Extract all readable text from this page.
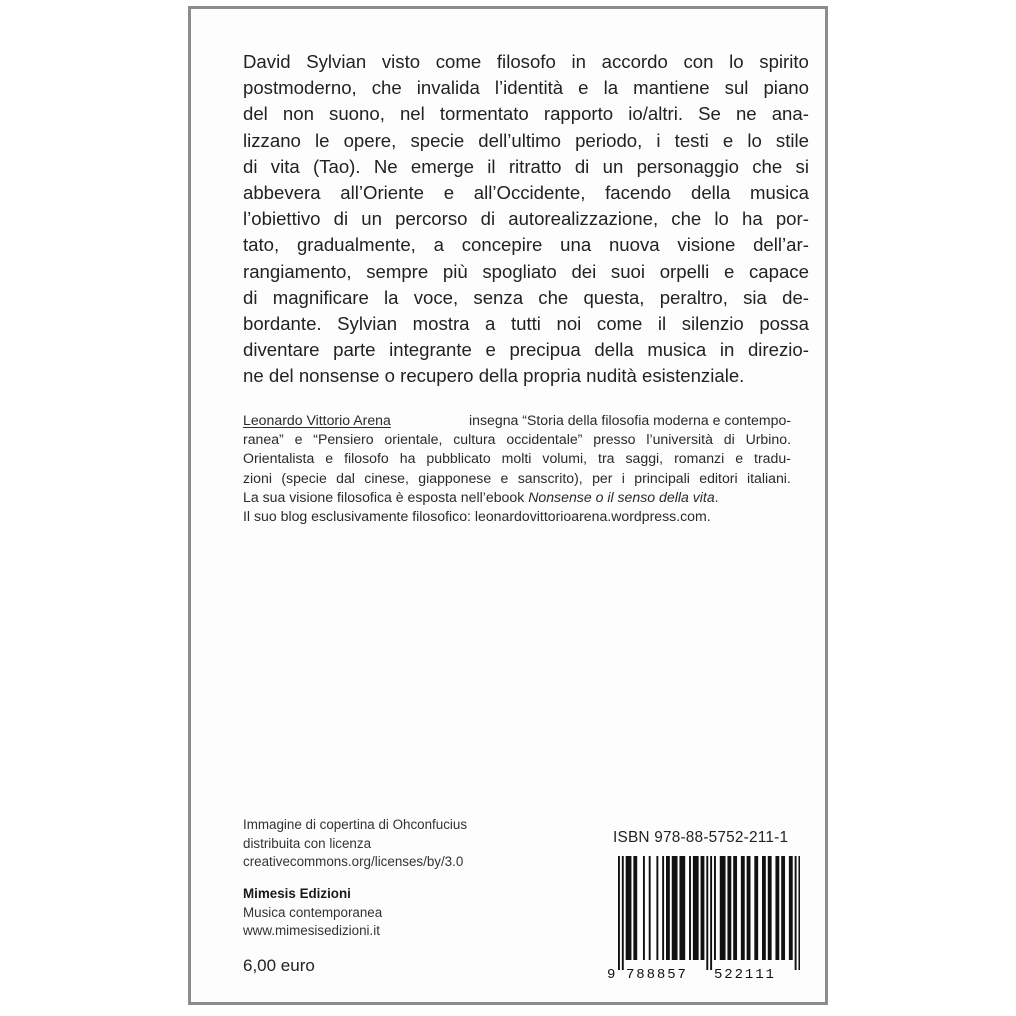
David Sylvian visto come filosofo in accordo con lo spirito
postmoderno, che invalida l’identità e la mantiene sul piano
del non suono, nel tormentato rapporto io/altri. Se ne ana-
lizzano le opere, specie dell’ultimo periodo, i testi e lo stile
di vita (Tao). Ne emerge il ritratto di un personaggio che si
abbevera all’Oriente e all’Occidente, facendo della musica
l’obiettivo di un percorso di autorealizzazione, che lo ha por-
tato, gradualmente, a concepire una nuova visione dell’ar-
rangiamento, sempre più spogliato dei suoi orpelli e capace
di magnificare la voce, senza che questa, peraltro, sia de-
bordante. Sylvian mostra a tutti noi come il silenzio possa
diventare parte integrante e precipua della musica in direzio-
ne del nonsense o recupero della propria nudità esistenziale.
Leonardo Vittorio Arena	insegna “Storia della filosofia moderna e contempo-
ranea” e “Pensiero orientale, cultura occidentale” presso l’università di Urbino.
Orientalista e filosofo ha pubblicato molti volumi, tra saggi, romanzi e tradu-
zioni (specie dal cinese, giapponese e sanscrito), per i principali editori italiani.
La sua visione filosofica è esposta nell’ebook
Nonsense o il senso della vita .
Il suo blog esclusivamente filosofico: leonardovittorioarena.wordpress.com.
Immagine di copertina di Ohconfucius
distribuita con licenza
creativecommons.org/licenses/by/3.0
Mimesis Edizioni
Musica contemporanea
www.mimesisedizioni.it
6,00 euro
ISBN 978-88-5752-211-1
9 788857 522111
